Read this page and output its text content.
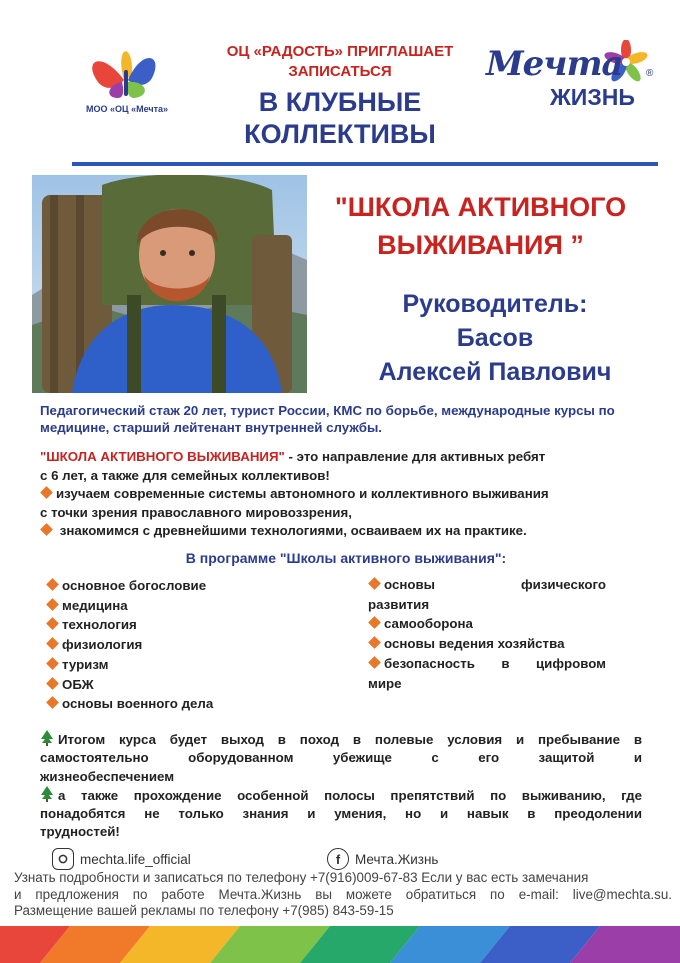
МОО «ОЦ «Мечта»
ОЦ «РАДОСТЬ» ПРИГЛАШАЕТ
ЗАПИСАТЬСЯ
В КЛУБНЫЕ
КОЛЛЕКТИВЫ
Мечта ®
ЖИЗНЬ
"ШКОЛА АКТИВНОГО
ВЫЖИВАНИЯ ”
Руководитель:
Басов
Алексей Павлович
Педагогический стаж 20 лет, турист России, КМС по борьбе, международные курсы по медицине, старший лейтенант внутренней службы.
"ШКОЛА АКТИВНОГО ВЫЖИВАНИЯ" - это направление для активных ребят
с 6 лет, а также для семейных коллективов!
изучаем современные системы автономного и коллективного выживания
с точки зрения православного мировоззрения,
знакомимся с древнейшими технологиями, осваиваем их на практике.
В программе "Школы активного выживания":
основное богословие
медицина
технология
физиология
туризм
ОБЖ
основы военного дела
основы	физического
развития
самооборона
основы ведения хозяйства
безопасность в цифровом
мире
Итогом курса будет выход в поход в полевые условия и пребывание в
самостоятельно оборудованном убежище с его защитой и
жизнеобеспечением
а также прохождение особенной полосы препятствий по выживанию, где
понадобятся не только знания и умения, но и навык в преодолении
трудностей!
mechta.life_official	f Мечта.Жизнь
Узнать подробности и записаться по телефону +7(916)009-67-83 Если у вас есть замечания
и предложения по работе Мечта.Жизнь вы можете обратиться по e-mail: live@mechta.su.
Размещение вашей рекламы по телефону +7(985) 843-59-15
